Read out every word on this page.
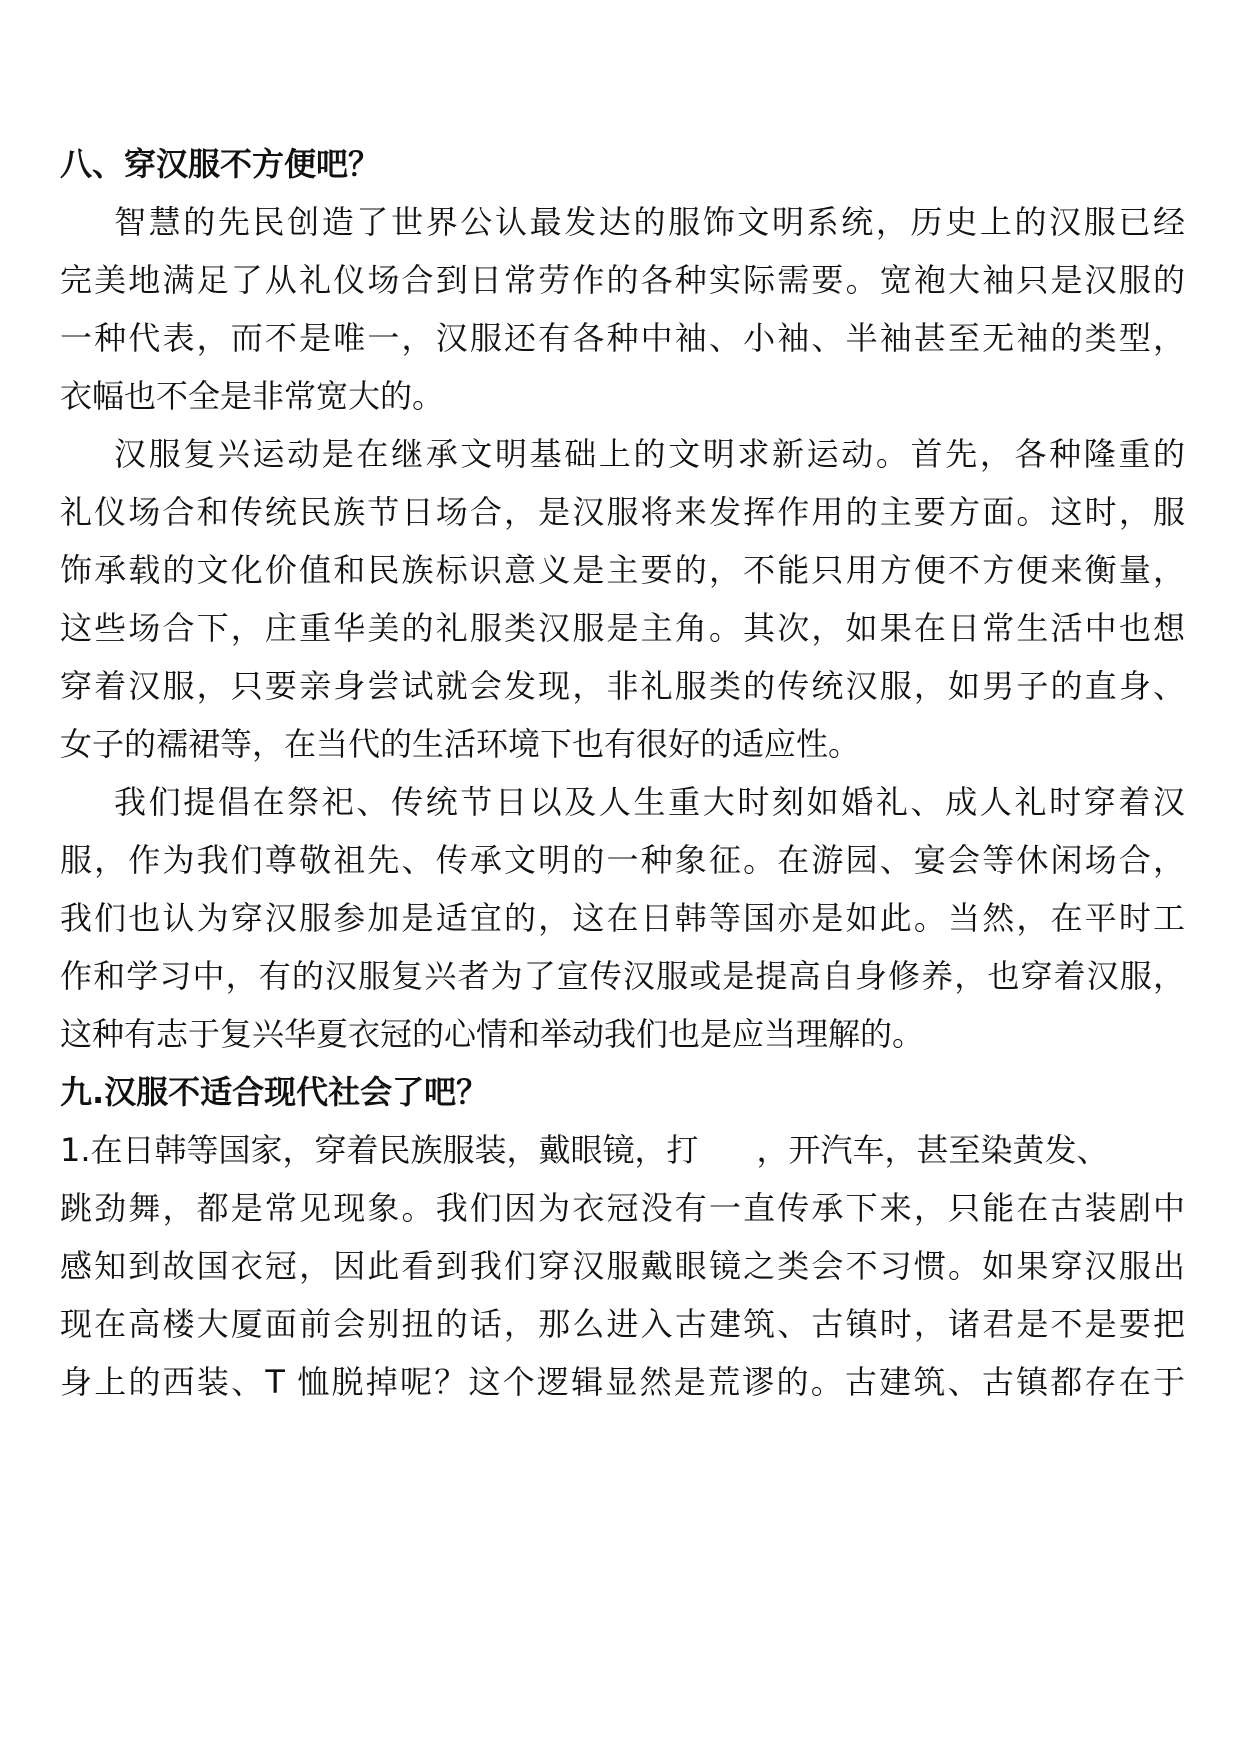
八、穿汉服不方便吧？
智慧的先民创造了世界公认最发达的服饰文明系统，历史上的汉服已经
完美地满足了从礼仪场合到日常劳作的各种实际需要。宽袍大袖只是汉服的
一种代表，而不是唯一，汉服还有各种中袖、小袖、半袖甚至无袖的类型，
衣幅也不全是非常宽大的。
汉服复兴运动是在继承文明基础上的文明求新运动。首先，各种隆重的
礼仪场合和传统民族节日场合，是汉服将来发挥作用的主要方面。这时，服
饰承载的文化价值和民族标识意义是主要的，不能只用方便不方便来衡量，
这些场合下，庄重华美的礼服类汉服是主角。其次，如果在日常生活中也想
穿着汉服，只要亲身尝试就会发现，非礼服类的传统汉服，如男子的直身、
女子的襦裙等，在当代的生活环境下也有很好的适应性。
我们提倡在祭祀、传统节日以及人生重大时刻如婚礼、成人礼时穿着汉
服，作为我们尊敬祖先、传承文明的一种象征。在游园、宴会等休闲场合，
我们也认为穿汉服参加是适宜的，这在日韩等国亦是如此。当然，在平时工
作和学习中，有的汉服复兴者为了宣传汉服或是提高自身修养，也穿着汉服，
这种有志于复兴华夏衣冠的心情和举动我们也是应当理解的。
九.汉服不适合现代社会了吧？
1.在日韩等国家，穿着民族服装，戴眼镜，打 ，开汽车，甚至染黄发、
跳劲舞，都是常见现象。我们因为衣冠没有一直传承下来，只能在古装剧中
感知到故国衣冠，因此看到我们穿汉服戴眼镜之类会不习惯。如果穿汉服出
现在高楼大厦面前会别扭的话，那么进入古建筑、古镇时，诸君是不是要把
身上的西装、T 恤脱掉呢？这个逻辑显然是荒谬的。古建筑、古镇都存在于
